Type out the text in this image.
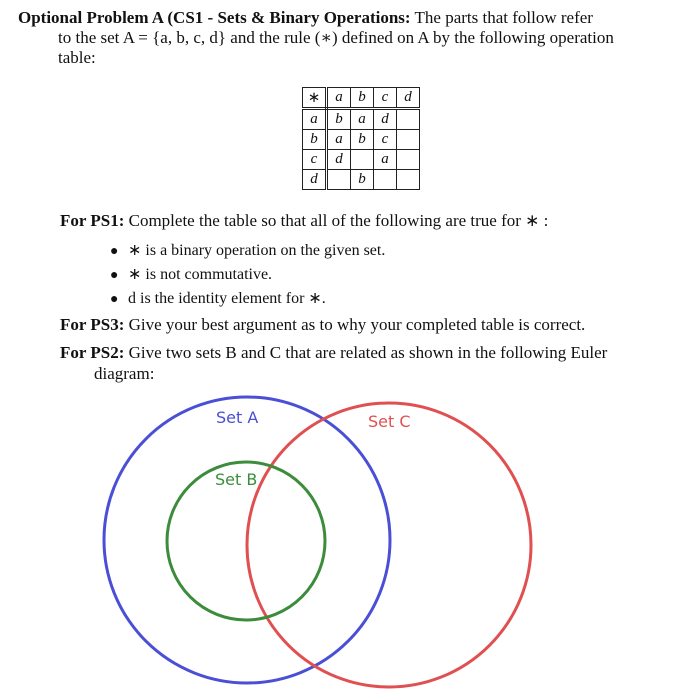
Optional Problem A (CS1 - Sets & Binary Operations: The parts that follow refer
to the set A = {a, b, c, d} and the rule (∗) defined on A by the following operation
table:
∗	a	b	c	d
a	b	a	d	
b	a	b	c	
c	d		a	
d		b		
For PS1: Complete the table so that all of the following are true for ∗ :
● ∗ is a binary operation on the given set.
● ∗ is not commutative.
● d is the identity element for ∗.
For PS3: Give your best argument as to why your completed table is correct.
For PS2: Give two sets B and C that are related as shown in the following Euler
diagram:
Set A	Set C
Set B
